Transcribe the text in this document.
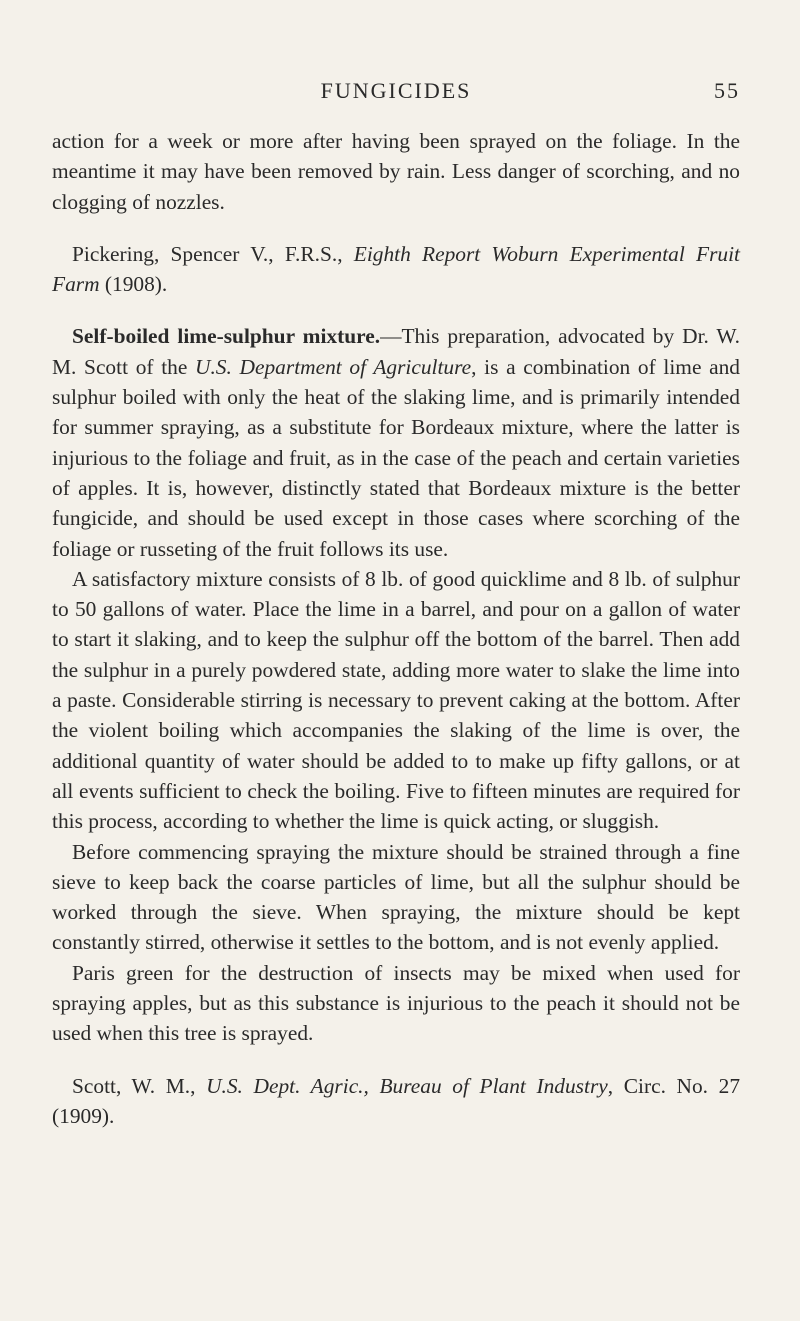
FUNGICIDES	55

action for a week or more after having been sprayed on the foliage. In the meantime it may have been removed by rain. Less danger of scorching, and no clogging of nozzles.

Pickering, Spencer V., F.R.S., Eighth Report Woburn Experimental Fruit Farm (1908).

Self-boiled lime-sulphur mixture.—This preparation, advocated by Dr. W. M. Scott of the U.S. Department of Agriculture, is a combination of lime and sulphur boiled with only the heat of the slaking lime, and is primarily intended for summer spraying, as a substitute for Bordeaux mixture, where the latter is injurious to the foliage and fruit, as in the case of the peach and certain varieties of apples. It is, however, distinctly stated that Bordeaux mixture is the better fungicide, and should be used except in those cases where scorching of the foliage or russeting of the fruit follows its use.

A satisfactory mixture consists of 8 lb. of good quicklime and 8 lb. of sulphur to 50 gallons of water. Place the lime in a barrel, and pour on a gallon of water to start it slaking, and to keep the sulphur off the bottom of the barrel. Then add the sulphur in a purely powdered state, adding more water to slake the lime into a paste. Considerable stirring is necessary to prevent caking at the bottom. After the violent boiling which accompanies the slaking of the lime is over, the additional quantity of water should be added to to make up fifty gallons, or at all events sufficient to check the boiling. Five to fifteen minutes are required for this process, according to whether the lime is quick acting, or sluggish.

Before commencing spraying the mixture should be strained through a fine sieve to keep back the coarse particles of lime, but all the sulphur should be worked through the sieve. When spraying, the mixture should be kept constantly stirred, otherwise it settles to the bottom, and is not evenly applied.

Paris green for the destruction of insects may be mixed when used for spraying apples, but as this substance is injurious to the peach it should not be used when this tree is sprayed.

Scott, W. M., U.S. Dept. Agric., Bureau of Plant Industry, Circ. No. 27 (1909).
